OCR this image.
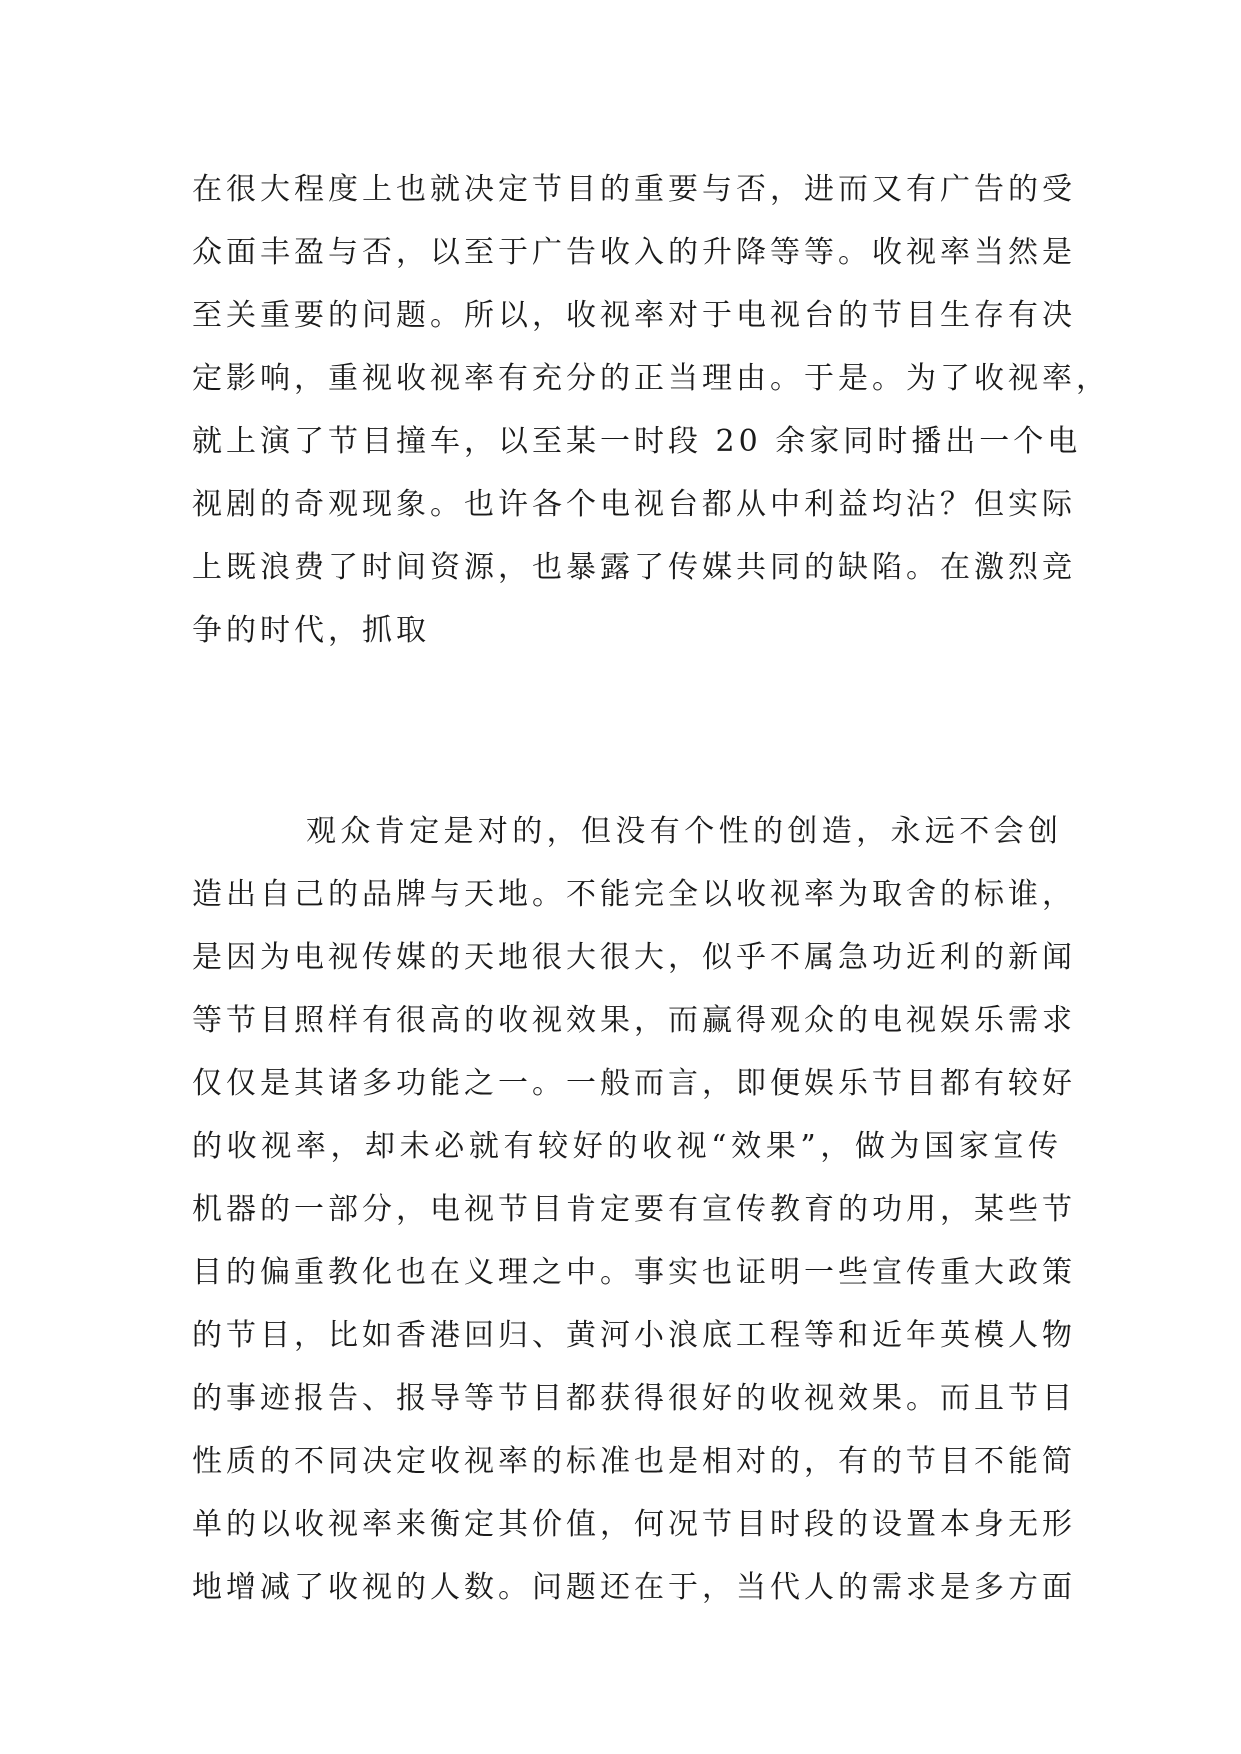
在很大程度上也就决定节目的重要与否，进而又有广告的受
众面丰盈与否，以至于广告收入的升降等等。收视率当然是
至关重要的问题。所以，收视率对于电视台的节目生存有决
定影响，重视收视率有充分的正当理由。于是。为了收视率，
就上演了节目撞车，以至某一时段 20 余家同时播出一个电
视剧的奇观现象。也许各个电视台都从中利益均沾？但实际
上既浪费了时间资源，也暴露了传媒共同的缺陷。在激烈竞
争的时代，抓取
观众肯定是对的，但没有个性的创造，永远不会创
造出自己的品牌与天地。不能完全以收视率为取舍的标谁，
是因为电视传媒的天地很大很大，似乎不属急功近利的新闻
等节目照样有很高的收视效果，而赢得观众的电视娱乐需求
仅仅是其诸多功能之一。一般而言，即便娱乐节目都有较好
的收视率，却未必就有较好的收视“效果”，做为国家宣传
机器的一部分，电视节目肯定要有宣传教育的功用，某些节
目的偏重教化也在义理之中。事实也证明一些宣传重大政策
的节目，比如香港回归、黄河小浪底工程等和近年英模人物
的事迹报告、报导等节目都获得很好的收视效果。而且节目
性质的不同决定收视率的标准也是相对的，有的节目不能简
单的以收视率来衡定其价值，何况节目时段的设置本身无形
地增减了收视的人数。问题还在于，当代人的需求是多方面
